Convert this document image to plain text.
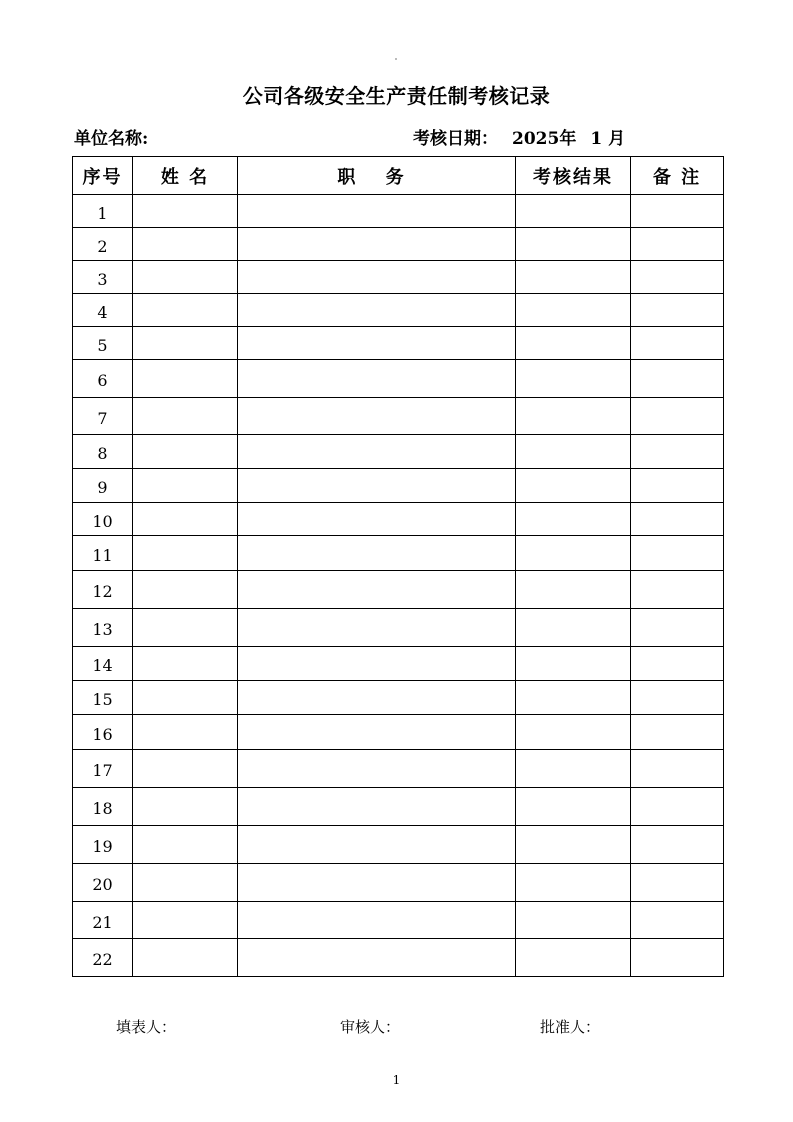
公司各级安全生产责任制考核记录
单位名称:	考核日期： 2025年 1 月
序号	姓 名	职 务	考核结果	备 注
1				
2				
3				
4				
5				
6				
7				
8				
9				
10				
11				
12				
13				
14				
15				
16				
17				
18				
19				
20				
21				
22				
填表人：	审核人：	批准人：
1
